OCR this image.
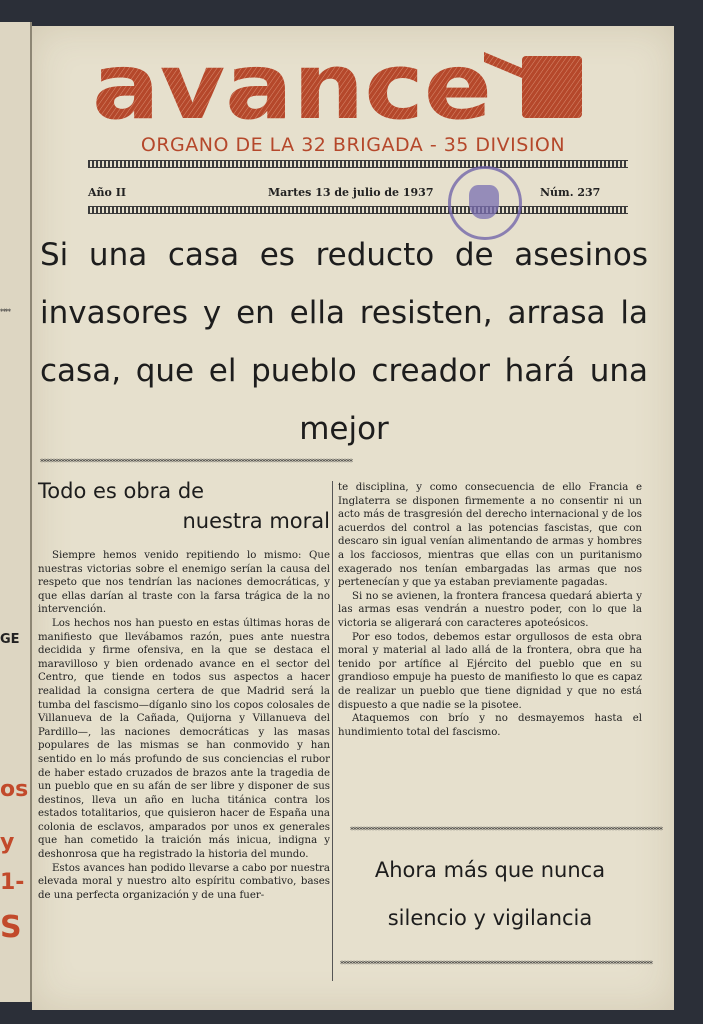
****
GE
os
y
1-
S
avance
ORGANO DE LA 32 BRIGADA - 35 DIVISION
Año II	Martes 13 de julio de 1937	Núm. 237
Si una casa es reducto de asesinos invasores y en ella resisten, arrasa la casa, que el pueblo creador hará una mejor
********************************************************************************************************
Todo es obra de
nuestra moral

Siempre hemos venido repitiendo lo mismo: Que nuestras victorias sobre el enemigo serían la causa del respeto que nos tendrían las naciones democráticas, y que ellas darían al traste con la farsa trágica de la no intervención.

Los hechos nos han puesto en estas últimas horas de manifiesto que llevábamos razón, pues ante nuestra decidida y firme ofensiva, en la que se destaca el maravilloso y bien ordenado avance en el sector del Centro, que tiende en todos sus aspectos a hacer realidad la consigna certera de que Madrid será la tumba del fascismo—díganlo sino los copos colosales de Villanueva de la Cañada, Quijorna y Villanueva del Pardillo—, las naciones democráticas y las masas populares de las mismas se han conmovido y han sentido en lo más profundo de sus conciencias el rubor de haber estado cruzados de brazos ante la tragedia de un pueblo que en su afán de ser libre y disponer de sus destinos, lleva un año en lucha titánica contra los estados totalitarios, que quisieron hacer de España una colonia de esclavos, amparados por unos ex generales que han cometido la traición más inicua, indigna y deshonrosa que ha registrado la historia del mundo.

Estos avances han podido llevarse a cabo por nuestra elevada moral y nuestro alto espíritu combativo, bases de una perfecta organización y de una fuer-

te disciplina, y como consecuencia de ello Francia e Inglaterra se disponen firmemente a no consentir ni un acto más de trasgresión del derecho internacional y de los acuerdos del control a las potencias fascistas, que con descaro sin igual venían alimentando de armas y hombres a los facciosos, mientras que ellas con un puritanismo exagerado nos tenían embargadas las armas que nos pertenecían y que ya estaban previamente pagadas.

Si no se avienen, la frontera francesa quedará abierta y las armas esas vendrán a nuestro poder, con lo que la victoria se aligerará con caracteres apoteósicos.

Por eso todos, debemos estar orgullosos de esta obra moral y material al lado allá de la frontera, obra que ha tenido por artífice al Ejército del pueblo que en su grandioso empuje ha puesto de manifiesto lo que es capaz de realizar un pueblo que tiene dignidad y que no está dispuesto a que nadie se la pisotee.

Ataquemos con brío y no desmayemos hasta el hundimiento total del fascismo.

********************************************************************************************************
Ahora más que nunca
silencio y vigilancia
********************************************************************************************************
